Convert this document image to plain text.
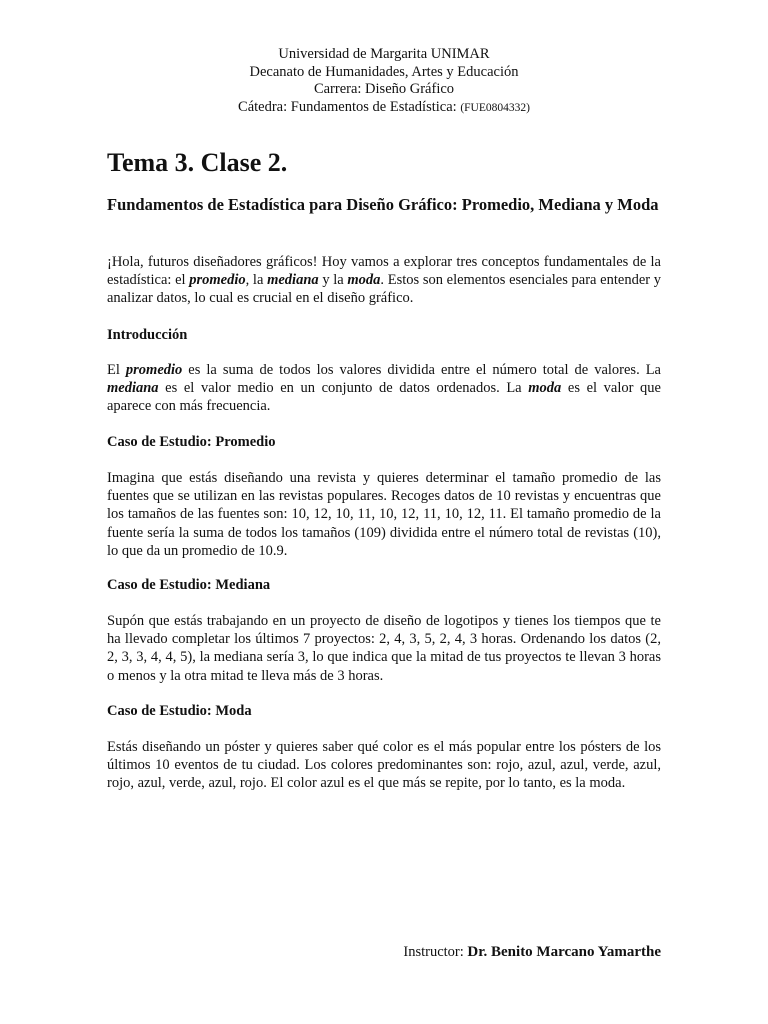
Universidad de Margarita UNIMAR
Decanato de Humanidades, Artes y Educación
Carrera: Diseño Gráfico
Cátedra: Fundamentos de Estadística: (FUE0804332)
Tema 3. Clase 2.
Fundamentos de Estadística para Diseño Gráfico: Promedio, Mediana y Moda

¡Hola, futuros diseñadores gráficos! Hoy vamos a explorar tres conceptos fundamentales de la estadística: el promedio, la mediana y la moda. Estos son elementos esenciales para entender y analizar datos, lo cual es crucial en el diseño gráfico.

Introducción

El promedio es la suma de todos los valores dividida entre el número total de valores. La mediana es el valor medio en un conjunto de datos ordenados. La moda es el valor que aparece con más frecuencia.

Caso de Estudio: Promedio

Imagina que estás diseñando una revista y quieres determinar el tamaño promedio de las fuentes que se utilizan en las revistas populares. Recoges datos de 10 revistas y encuentras que los tamaños de las fuentes son: 10, 12, 10, 11, 10, 12, 11, 10, 12, 11. El tamaño promedio de la fuente sería la suma de todos los tamaños (109) dividida entre el número total de revistas (10), lo que da un promedio de 10.9.

Caso de Estudio: Mediana

Supón que estás trabajando en un proyecto de diseño de logotipos y tienes los tiempos que te ha llevado completar los últimos 7 proyectos: 2, 4, 3, 5, 2, 4, 3 horas. Ordenando los datos (2, 2, 3, 3, 4, 4, 5), la mediana sería 3, lo que indica que la mitad de tus proyectos te llevan 3 horas o menos y la otra mitad te lleva más de 3 horas.

Caso de Estudio: Moda

Estás diseñando un póster y quieres saber qué color es el más popular entre los pósters de los últimos 10 eventos de tu ciudad. Los colores predominantes son: rojo, azul, azul, verde, azul, rojo, azul, verde, azul, rojo. El color azul es el que más se repite, por lo tanto, es la moda.

Instructor: Dr. Benito Marcano Yamarthe
